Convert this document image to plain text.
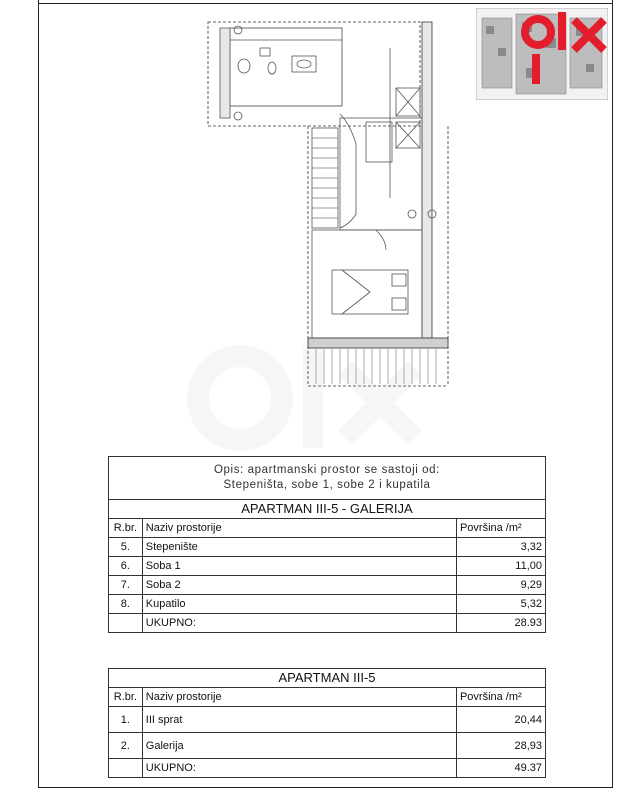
Opis: apartmanski prostor se sastoji od:
Stepeništa, sobe 1, sobe 2 i kupatila		

APARTMAN III-5 - GALERIJA		
R.br.	Naziv prostorije	Površina /m²
5.	Stepenište	3,32
6.	Soba 1	11,00
7.	Soba 2	9,29
8.	Kupatilo	5,32
	UKUPNO:	28.93
APARTMAN III-5		
R.br.	Naziv prostorije	Površina /m²
1.	III sprat	20,44
2.	Galerija	28,93
	UKUPNO:	49.37
